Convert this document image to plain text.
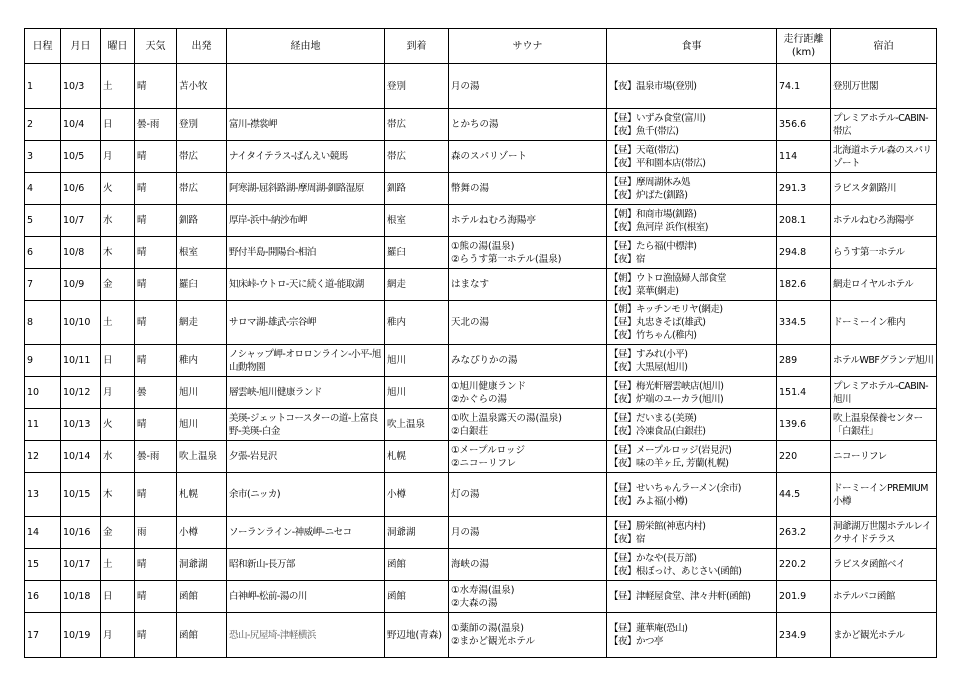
日程	月日	曜日	天気	出発	経由地	到着	サウナ	食事	走行距離
(km)	宿泊
1	10/3	土	晴	苫小牧		登別	月の湯	【夜】温泉市場(登別)	74.1	登別万世閣
2	10/4	日	曇-雨	登別	富川-襟裳岬	帯広	とかちの湯	【昼】いずみ食堂(富川)
【夜】魚千(帯広)	356.6	プレミアホテル-CABIN-帯広
3	10/5	月	晴	帯広	ナイタイテラス-ばんえい競馬	帯広	森のスパリゾート	【昼】天竜(帯広)
【夜】平和園本店(帯広)	114	北海道ホテル森のスパリゾート
4	10/6	火	晴	帯広	阿寒湖-屈斜路湖-摩周湖-釧路湿原	釧路	幣舞の湯	【昼】摩周湖休み処
【夜】炉ばた(釧路)	291.3	ラビスタ釧路川
5	10/7	水	晴	釧路	厚岸-浜中-納沙布岬	根室	ホテルねむろ海陽亭	【朝】和商市場(釧路)
【夜】魚河岸 浜作(根室)	208.1	ホテルねむろ海陽亭
6	10/8	木	晴	根室	野付半島-開陽台-相泊	羅臼	①熊の湯(温泉)
②らうす第一ホテル(温泉)	【昼】たら福(中標津)
【夜】宿	294.8	らうす第一ホテル
7	10/9	金	晴	羅臼	知床峠-ウトロ-天に続く道-能取湖	網走	はまなす	【朝】ウトロ漁協婦人部食堂
【夜】菜華(網走)	182.6	網走ロイヤルホテル
8	10/10	土	晴	網走	サロマ湖-雄武-宗谷岬	稚内	天北の湯	【朝】キッチンモリヤ(網走)
【昼】丸忠きそば(雄武)
【夜】竹ちゃん(稚内)	334.5	ドーミーイン稚内
9	10/11	日	晴	稚内	ノシャップ岬-オロロンライン-小平-旭山動物園	旭川	みなぴりかの湯	【昼】すみれ(小平)
【夜】大黒屋(旭川)	289	ホテルWBFグランデ旭川
10	10/12	月	曇	旭川	層雲峡-旭川健康ランド	旭川	①旭川健康ランド
②かぐらの湯	【昼】梅光軒層雲峡店(旭川)
【夜】炉端のユーカラ(旭川)	151.4	プレミアホテル-CABIN-旭川
11	10/13	火	晴	旭川	美瑛-ジェットコースターの道-上富良野-美瑛-白金	吹上温泉	①吹上温泉露天の湯(温泉)
②白銀荘	【昼】だいまる(美瑛)
【夜】冷凍食品(白銀荘)	139.6	吹上温泉保養センター「白銀荘」
12	10/14	水	曇-雨	吹上温泉	夕張-岩見沢	札幌	①メープルロッジ
②ニコーリフレ	【昼】メープルロッジ(岩見沢)
【夜】味の羊ヶ丘, 芳蘭(札幌)	220	ニコーリフレ
13	10/15	木	晴	札幌	余市(ニッカ)	小樽	灯の湯	【昼】せいちゃんラーメン(余市)
【夜】みよ福(小樽)	44.5	ドーミーインPREMIUM小樽
14	10/16	金	雨	小樽	ソーランライン-神威岬-ニセコ	洞爺湖	月の湯	【昼】勝栄館(神恵内村)
【夜】宿	263.2	洞爺湖万世閣ホテルレイクサイドテラス
15	10/17	土	晴	洞爺湖	昭和新山-長万部	函館	海峡の湯	【昼】かなや(長万部)
【夜】根ぼっけ、あじさい(函館)	220.2	ラビスタ函館ベイ
16	10/18	日	晴	函館	白神岬-松前-湯の川	函館	①水寿湯(温泉)
②大森の湯	【昼】津軽屋食堂、津々井軒(函館)	201.9	ホテルパコ函館
17	10/19	月	晴	函館	恐山-尻屋埼-津軽横浜	野辺地(青森)	①薬師の湯(温泉)
②まかど観光ホテル	【昼】蓮華庵(恐山)
【夜】かつ亭	234.9	まかど観光ホテル
